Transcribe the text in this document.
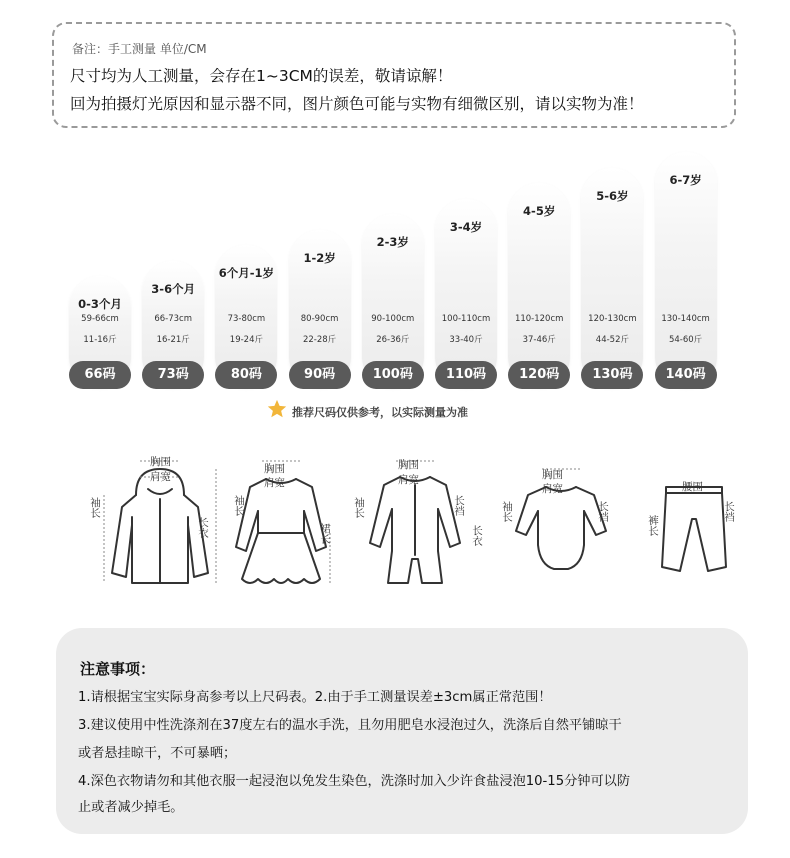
备注：手工测量 单位/CM
尺寸均为人工测量，会存在1~3CM的误差，敬请谅解！
回为拍摄灯光原因和显示器不同，图片颜色可能与实物有细微区别，请以实物为准！
0-3个月
59-66cm
11-16斤
66码
3-6个月
66-73cm
16-21斤
73码
6个月-1岁
73-80cm
19-24斤
80码
1-2岁
80-90cm
22-28斤
90码
2-3岁
90-100cm
26-36斤
100码
3-4岁
100-110cm
33-40斤
110码
4-5岁
110-120cm
37-46斤
120码
5-6岁
120-130cm
44-52斤
130码
6-7岁
130-140cm
54-60斤
140码
推荐尺码仅供参考，以实际测量为准
胸围
肩宽
袖长
长衣
胸围
肩宽
袖长
裙长
胸围
肩宽
袖长	长裆
长衣
胸围
肩宽
袖长	长裆
腰围
裤长
长裆
注意事项：
1.请根据宝宝实际身高参考以上尺码表。2.由于手工测量误差±3cm属正常范围！
3.建议使用中性洗涤剂在37度左右的温水手洗，且勿用肥皂水浸泡过久，洗涤后自然平铺晾干
或者悬挂晾干，不可暴晒；
4.深色衣物请勿和其他衣服一起浸泡以免发生染色，洗涤时加入少许食盐浸泡10-15分钟可以防
止或者减少掉毛。
